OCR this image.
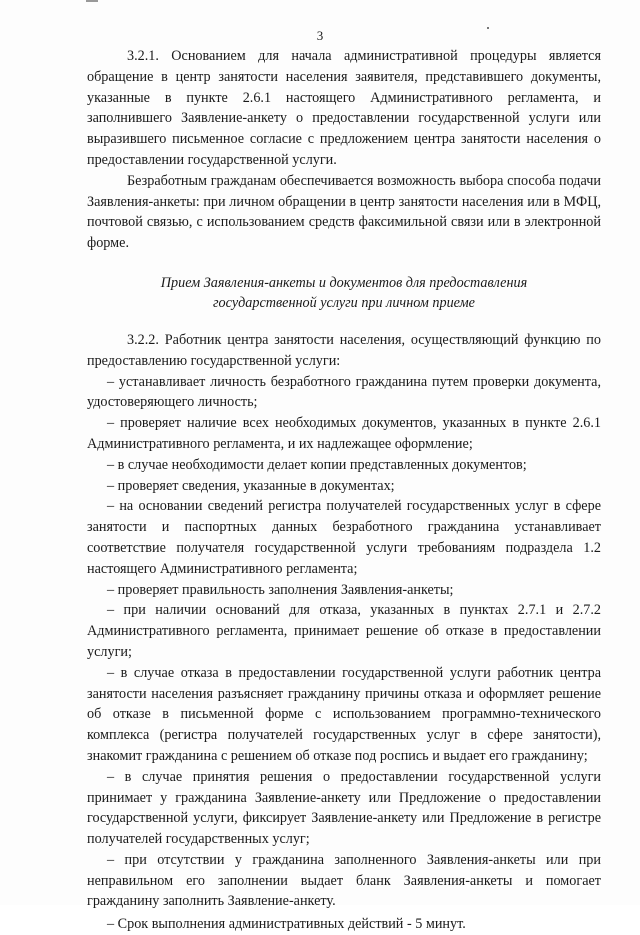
3

3.2.1. Основанием для начала административной процедуры является обращение в центр занятости населения заявителя, представившего документы, указанные в пункте 2.6.1 настоящего Административного регламента, и заполнившего Заявление-анкету о предоставлении государственной услуги или выразившего письменное согласие с предложением центра занятости населения о предоставлении государственной услуги.

Безработным гражданам обеспечивается возможность выбора способа подачи Заявления-анкеты: при личном обращении в центр занятости населения или в МФЦ, почтовой связью, с использованием средств факсимильной связи или в электронной форме.

Прием Заявления-анкеты и документов для предоставления
государственной услуги при личном приеме

3.2.2. Работник центра занятости населения, осуществляющий функцию по предоставлению государственной услуги:

– устанавливает личность безработного гражданина путем проверки документа, удостоверяющего личность;

– проверяет наличие всех необходимых документов, указанных в пункте 2.6.1 Административного регламента, и их надлежащее оформление;

– в случае необходимости делает копии представленных документов;

– проверяет сведения, указанные в документах;

– на основании сведений регистра получателей государственных услуг в сфере занятости и паспортных данных безработного гражданина устанавливает соответствие получателя государственной услуги требованиям подраздела 1.2 настоящего Административного регламента;

– проверяет правильность заполнения Заявления-анкеты;

– при наличии оснований для отказа, указанных в пунктах 2.7.1 и 2.7.2 Административного регламента, принимает решение об отказе в предоставлении услуги;

– в случае отказа в предоставлении государственной услуги работник центра занятости населения разъясняет гражданину причины отказа и оформляет решение об отказе в письменной форме с использованием программно-технического комплекса (регистра получателей государственных услуг в сфере занятости), знакомит гражданина с решением об отказе под роспись и выдает его гражданину;

– в случае принятия решения о предоставлении государственной услуги принимает у гражданина Заявление-анкету или Предложение о предоставлении государственной услуги, фиксирует Заявление-анкету или Предложение в регистре получателей государственных услуг;

– при отсутствии у гражданина заполненного Заявления-анкеты или при неправильном его заполнении выдает бланк Заявления-анкеты и помогает гражданину заполнить Заявление-анкету.

– Срок выполнения административных действий - 5 минут.
